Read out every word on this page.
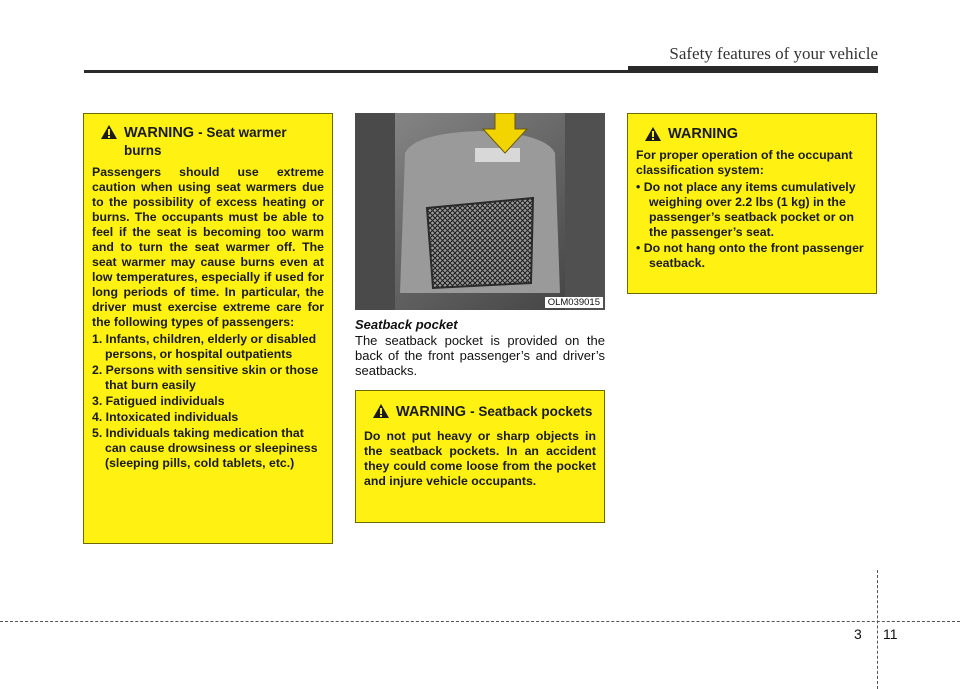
Safety features of your vehicle
WARNING - Seat warmer burns

Passengers should use extreme caution when using seat warmers due to the possibility of excess heating or burns. The occupants must be able to feel if the seat is becoming too warm and to turn the seat warmer off. The seat warmer may cause burns even at low temperatures, especially if used for long periods of time. In particular, the driver must exercise extreme care for the following types of passengers:

1. Infants, children, elderly or disabled persons, or hospital outpatients
2. Persons with sensitive skin or those that burn easily
3. Fatigued individuals
4. Intoxicated individuals
5. Individuals taking medication that can cause drowsiness or sleepiness (sleeping pills, cold tablets, etc.)
OLM039015
Seatback pocket
The seatback pocket is provided on the back of the front passenger’s and driver’s seatbacks.
WARNING - Seatback pockets

Do not put heavy or sharp objects in the seatback pockets. In an accident they could come loose from the pocket and injure vehicle occupants.

WARNING

For proper operation of the occupant classification system:

• Do not place any items cumulatively weighing over 2.2 lbs (1 kg) in the passenger’s seatback pocket or on the passenger’s seat.
• Do not hang onto the front passenger seatback.
3 11
